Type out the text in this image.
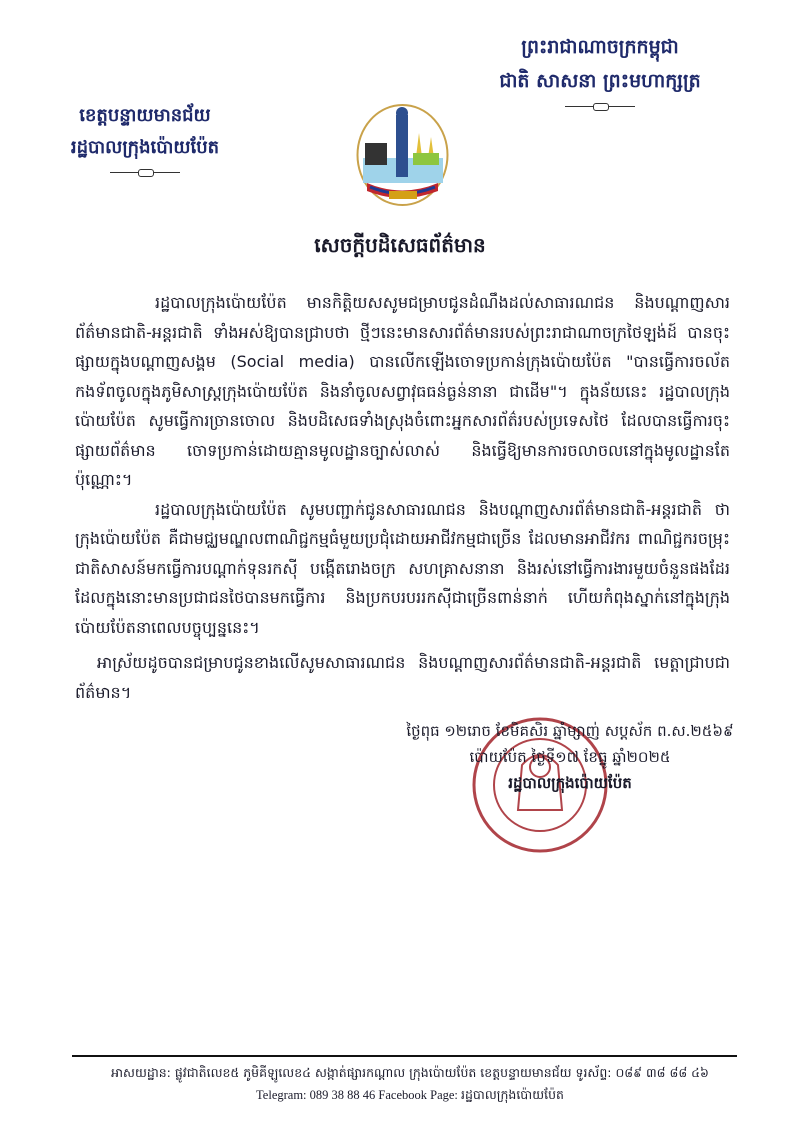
ព្រះរាជាណាចក្រកម្ពុជា
ជាតិ សាសនា ព្រះមហាក្សត្រ
ខេត្តបន្ទាយមានជ័យ
រដ្ឋបាលក្រុងប៉ោយប៉ែត
សេចក្តីបដិសេធព័ត៌មាន

រដ្ឋបាលក្រុងប៉ោយប៉ែត មានកិត្តិយសសូមជម្រាបជូនដំណឹងដល់សាធារណជន និងបណ្តាញសារព័ត៌មានជាតិ-អន្តរជាតិ ទាំងអស់ឱ្យបានជ្រាបថា ថ្មីៗនេះមានសារព័ត៌មានរបស់ព្រះរាជាណាចក្រថៃឡង់ដ៍ បានចុះផ្សាយក្នុងបណ្តាញសង្គម (Social media) បានលើកឡើងចោទប្រកាន់ក្រុងប៉ោយប៉ែត "បានធ្វើការចល័តកងទ័ពចូលក្នុងភូមិសាស្ត្រក្រុងប៉ោយប៉ែត និងនាំចូលសព្វាវុធធន់ធ្ងន់នានា ជាដើម"។ ក្នុងន័យនេះ រដ្ឋបាលក្រុងប៉ោយប៉ែត សូមធ្វើការច្រានចោល និងបដិសេធទាំងស្រុងចំពោះអ្នកសារព័ត៌របស់ប្រទេសថៃ ដែលបានធ្វើការចុះផ្សាយព័ត៌មាន ចោទប្រកាន់ដោយគ្មានមូលដ្ឋានច្បាស់លាស់ និងធ្វើឱ្យមានការចលាចលនៅក្នុងមូលដ្ឋានតែប៉ុណ្ណោះ។

រដ្ឋបាលក្រុងប៉ោយប៉ែត សូមបញ្ជាក់ជូនសាធារណជន និងបណ្តាញសារព័ត៌មានជាតិ-អន្តរជាតិ ថា ក្រុងប៉ោយប៉ែត គឺជាមជ្ឈមណ្ឌលពាណិជ្ជកម្មធំមួយប្រជុំដោយអាជីវកម្មជាច្រើន ដែលមានអាជីវករ ពាណិជ្ជករចម្រុះជាតិសាសន៍មកធ្វើការបណ្តាក់ទុនរកស៊ី បង្កើតរោងចក្រ សហគ្រាសនានា និងរស់នៅធ្វើការងារមួយចំនួនផងដែរ ដែលក្នុងនោះមានប្រជាជនថៃបានមកធ្វើការ និងប្រកបរបររកស៊ីជាច្រើនពាន់នាក់ ហើយកំពុងស្នាក់នៅក្នុងក្រុងប៉ោយប៉ែតនាពេលបច្ចុប្បន្ននេះ។

អាស្រ័យដូចបានជម្រាបជូនខាងលើសូមសាធារណជន និងបណ្តាញសារព័ត៌មានជាតិ-អន្តរជាតិ មេត្តាជ្រាបជាព័ត៌មាន។

ថ្ងៃពុធ ១២រោច ខែមិគសិរ ឆ្នាំម្សាញ់ សប្តស័ក ព.ស.២៥៦៩
ប៉ោយប៉ែត ថ្ងៃទី១៧ ខែធ្នូ ឆ្នាំ២០២៥
រដ្ឋបាលក្រុងប៉ោយប៉ែត
អាសយដ្ឋាន: ផ្លូវជាតិលេខ៥ ភូមិគីឡូលេខ៤ សង្កាត់ផ្សារកណ្តាល ក្រុងប៉ោយប៉ែត ខេត្តបន្ទាយមានជ័យ ទូរស័ព្ទ: ០៨៩ ៣៨ ៨៨ ៤៦
Telegram: 089 38 88 46 Facebook Page: រដ្ឋបាលក្រុងប៉ោយប៉ែត
